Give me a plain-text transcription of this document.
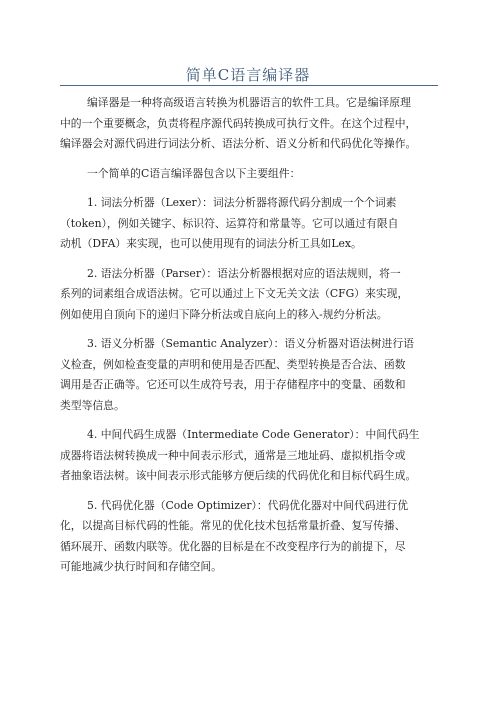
简单C语言编译器

编译器是一种将高级语言转换为机器语言的软件工具。它是编译原理
中的一个重要概念，负责将程序源代码转换成可执行文件。在这个过程中，
编译器会对源代码进行词法分析、语法分析、语义分析和代码优化等操作。

一个简单的C语言编译器包含以下主要组件：

1. 词法分析器（Lexer）：词法分析器将源代码分割成一个个词素
（token），例如关键字、标识符、运算符和常量等。它可以通过有限自
动机（DFA）来实现，也可以使用现有的词法分析工具如Lex。

2. 语法分析器（Parser）：语法分析器根据对应的语法规则，将一
系列的词素组合成语法树。它可以通过上下文无关文法（CFG）来实现，
例如使用自顶向下的递归下降分析法或自底向上的移入-规约分析法。

3. 语义分析器（Semantic Analyzer）：语义分析器对语法树进行语
义检查，例如检查变量的声明和使用是否匹配、类型转换是否合法、函数
调用是否正确等。它还可以生成符号表，用于存储程序中的变量、函数和
类型等信息。

4. 中间代码生成器（Intermediate Code Generator）：中间代码生
成器将语法树转换成一种中间表示形式，通常是三地址码、虚拟机指令或
者抽象语法树。该中间表示形式能够方便后续的代码优化和目标代码生成。

5. 代码优化器（Code Optimizer）：代码优化器对中间代码进行优
化，以提高目标代码的性能。常见的优化技术包括常量折叠、复写传播、
循环展开、函数内联等。优化器的目标是在不改变程序行为的前提下，尽
可能地减少执行时间和存储空间。
